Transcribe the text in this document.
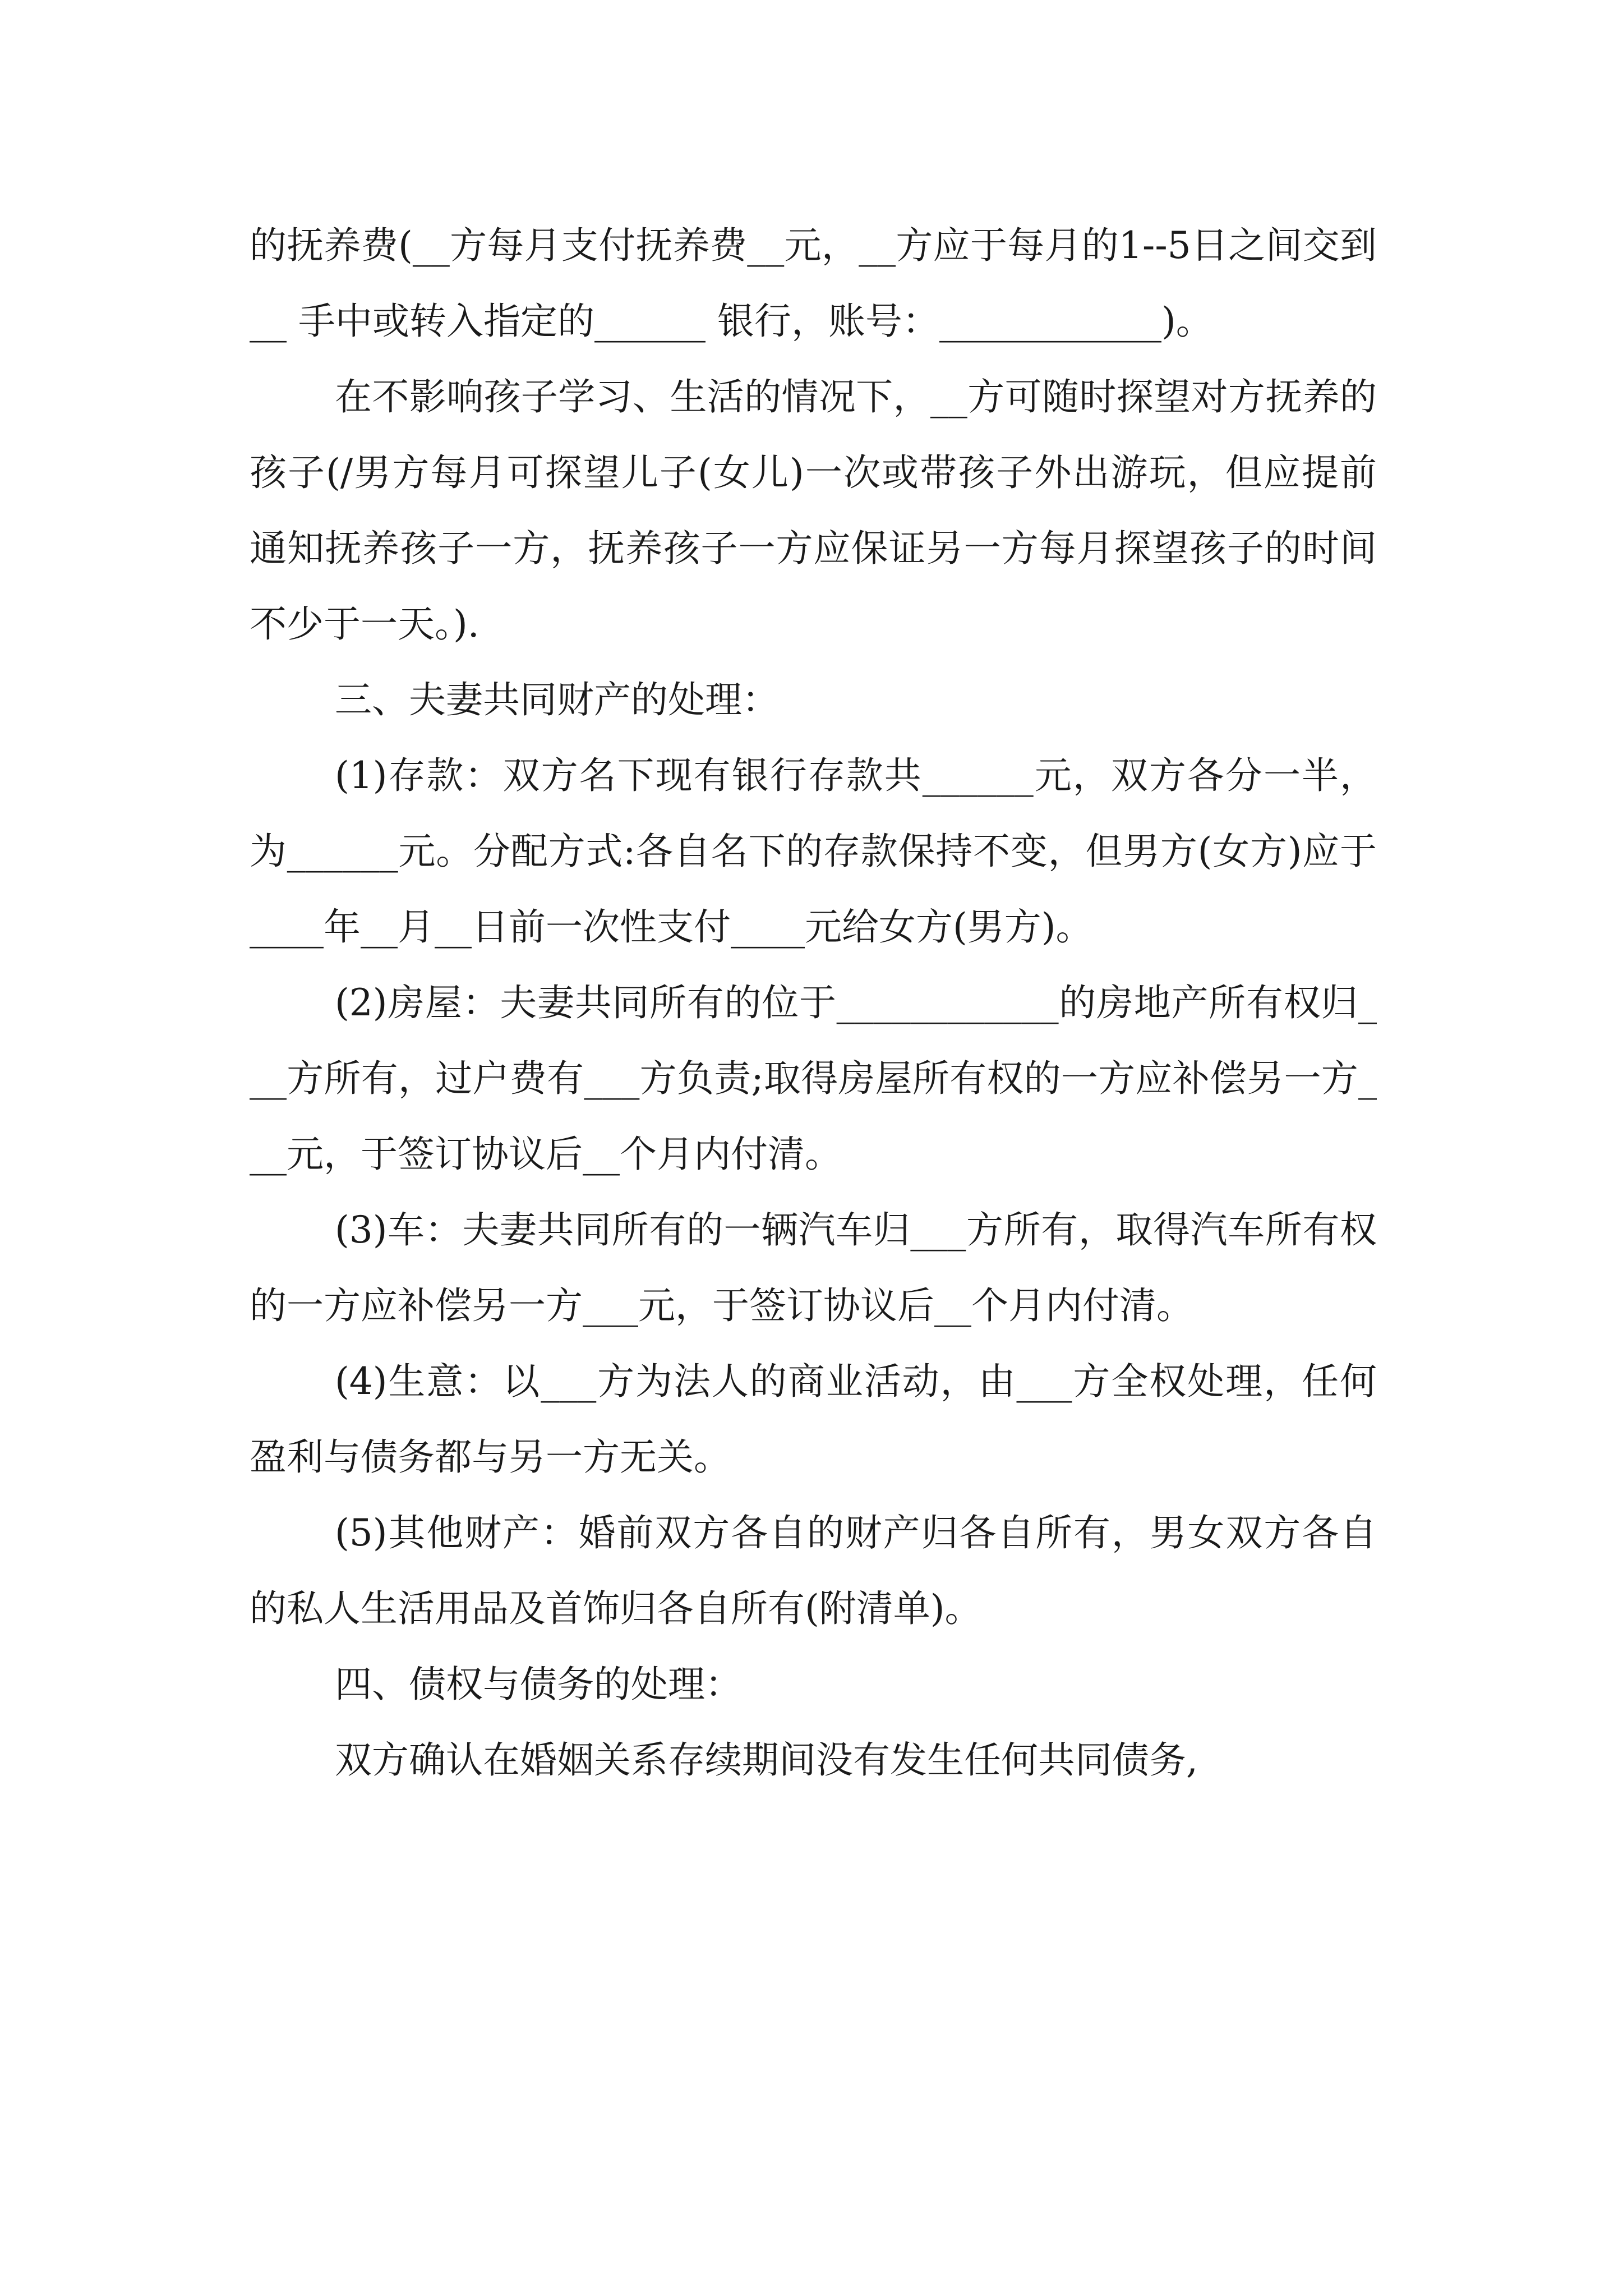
的抚养费(__方每月支付抚养费__元，__方应于每月的1--5日之间交到__ 手中或转入指定的______ 银行，账号：____________)。

在不影响孩子学习、生活的情况下，__方可随时探望对方抚养的孩子(/男方每月可探望儿子(女儿)一次或带孩子外出游玩，但应提前通知抚养孩子一方，抚养孩子一方应保证另一方每月探望孩子的时间不少于一天。).

三、夫妻共同财产的处理：

(1)存款：双方名下现有银行存款共______元，双方各分一半，为______元。分配方式:各自名下的存款保持不变，但男方(女方)应于____年__月__日前一次性支付____元给女方(男方)。

(2)房屋：夫妻共同所有的位于____________的房地产所有权归___方所有，过户费有___方负责;取得房屋所有权的一方应补偿另一方___元，于签订协议后__个月内付清。

(3)车：夫妻共同所有的一辆汽车归___方所有，取得汽车所有权的一方应补偿另一方___元，于签订协议后__个月内付清。

(4)生意：以___方为法人的商业活动，由___方全权处理，任何盈利与债务都与另一方无关。

(5)其他财产：婚前双方各自的财产归各自所有，男女双方各自的私人生活用品及首饰归各自所有(附清单)。

四、债权与债务的处理：

双方确认在婚姻关系存续期间没有发生任何共同债务,
